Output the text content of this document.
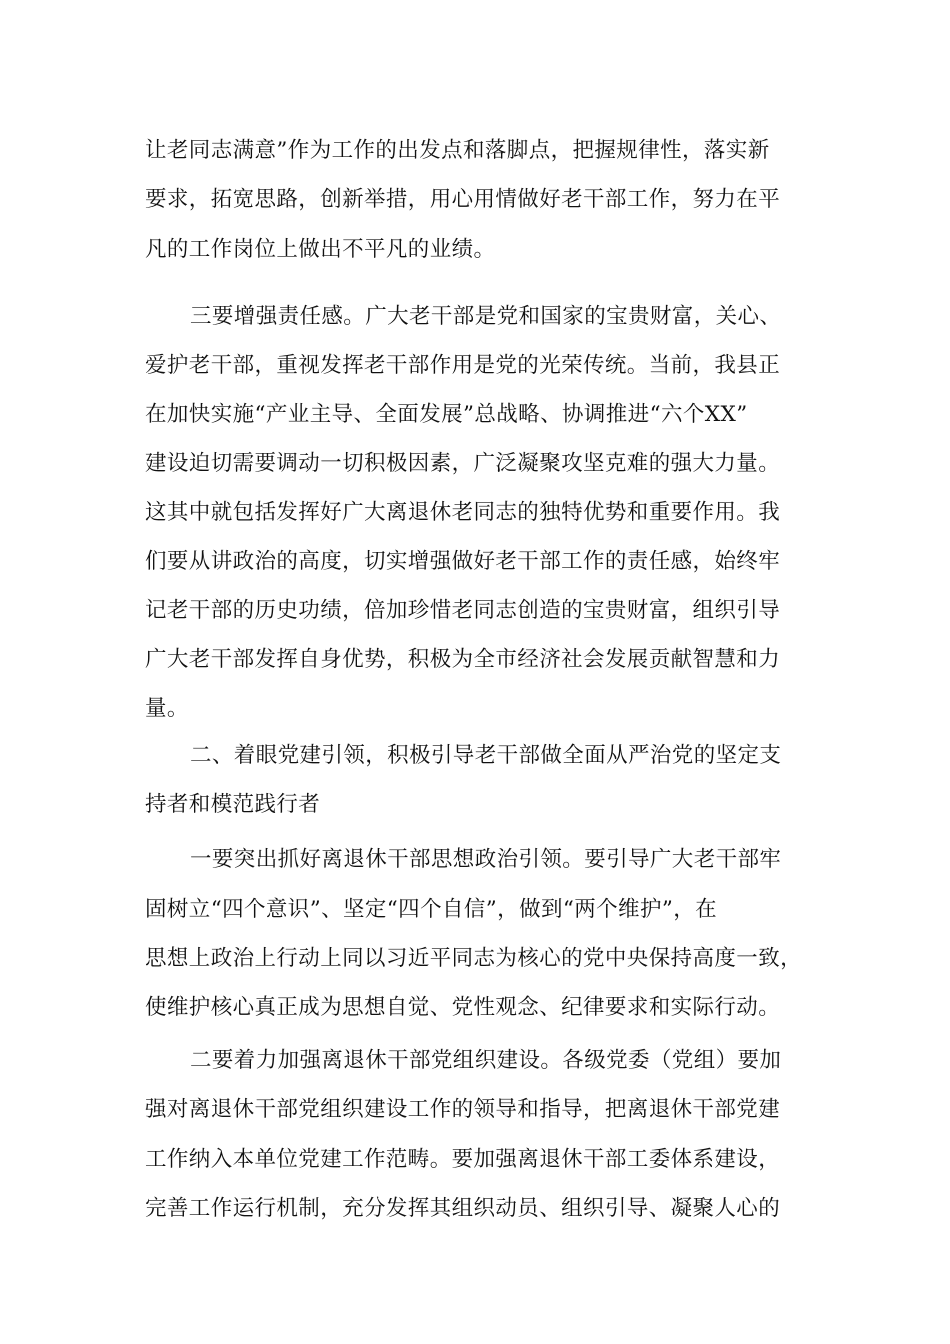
让老同志满意”作为工作的出发点和落脚点，把握规律性，落实新
要求，拓宽思路，创新举措，用心用情做好老干部工作，努力在平
凡的工作岗位上做出不平凡的业绩。
三要增强责任感。广大老干部是党和国家的宝贵财富，关心、
爱护老干部，重视发挥老干部作用是党的光荣传统。当前，我县正
在加快实施“产业主导、全面发展”总战略、协调推进“六个XX”
建设迫切需要调动一切积极因素，广泛凝聚攻坚克难的强大力量。
这其中就包括发挥好广大离退休老同志的独特优势和重要作用。我
们要从讲政治的高度，切实增强做好老干部工作的责任感，始终牢
记老干部的历史功绩，倍加珍惜老同志创造的宝贵财富，组织引导
广大老干部发挥自身优势，积极为全市经济社会发展贡献智慧和力
量。
二、着眼党建引领，积极引导老干部做全面从严治党的坚定支
持者和模范践行者
一要突出抓好离退休干部思想政治引领。要引导广大老干部牢
固树立“四个意识”、坚定“四个自信”，做到“两个维护”，在
思想上政治上行动上同以习近平同志为核心的党中央保持高度一致，
使维护核心真正成为思想自觉、党性观念、纪律要求和实际行动。
二要着力加强离退休干部党组织建设。各级党委（党组）要加
强对离退休干部党组织建设工作的领导和指导，把离退休干部党建
工作纳入本单位党建工作范畴。要加强离退休干部工委体系建设，
完善工作运行机制，充分发挥其组织动员、组织引导、凝聚人心的
